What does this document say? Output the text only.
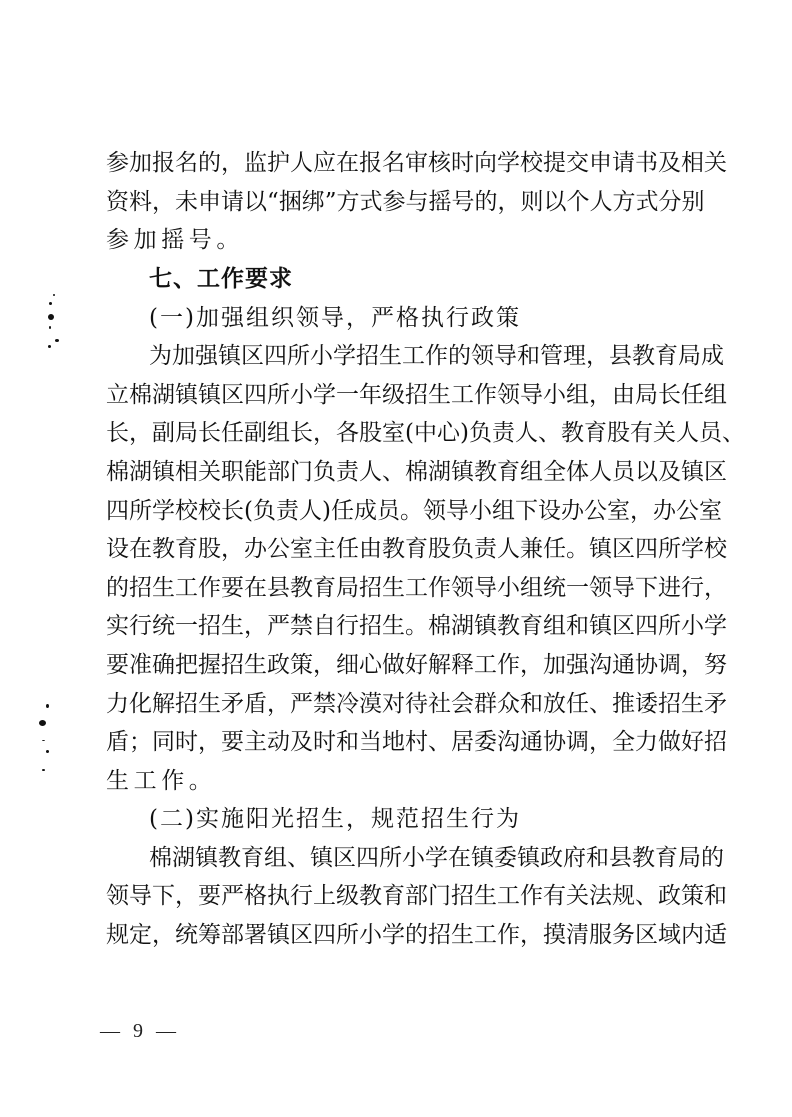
参加报名的，监护人应在报名审核时向学校提交申请书及相关
资料，未申请以“捆绑”方式参与摇号的，则以个人方式分别
参加摇号。
七、工作要求
(一)加强组织领导，严格执行政策
为加强镇区四所小学招生工作的领导和管理，县教育局成
立棉湖镇镇区四所小学一年级招生工作领导小组，由局长任组
长，副局长任副组长，各股室(中心)负责人、教育股有关人员、
棉湖镇相关职能部门负责人、棉湖镇教育组全体人员以及镇区
四所学校校长(负责人)任成员。领导小组下设办公室，办公室
设在教育股，办公室主任由教育股负责人兼任。镇区四所学校
的招生工作要在县教育局招生工作领导小组统一领导下进行，
实行统一招生，严禁自行招生。棉湖镇教育组和镇区四所小学
要准确把握招生政策，细心做好解释工作，加强沟通协调，努
力化解招生矛盾，严禁冷漠对待社会群众和放任、推诿招生矛
盾；同时，要主动及时和当地村、居委沟通协调，全力做好招
生工作。
(二)实施阳光招生，规范招生行为
棉湖镇教育组、镇区四所小学在镇委镇政府和县教育局的
领导下，要严格执行上级教育部门招生工作有关法规、政策和
规定，统筹部署镇区四所小学的招生工作，摸清服务区域内适
— 9 —
